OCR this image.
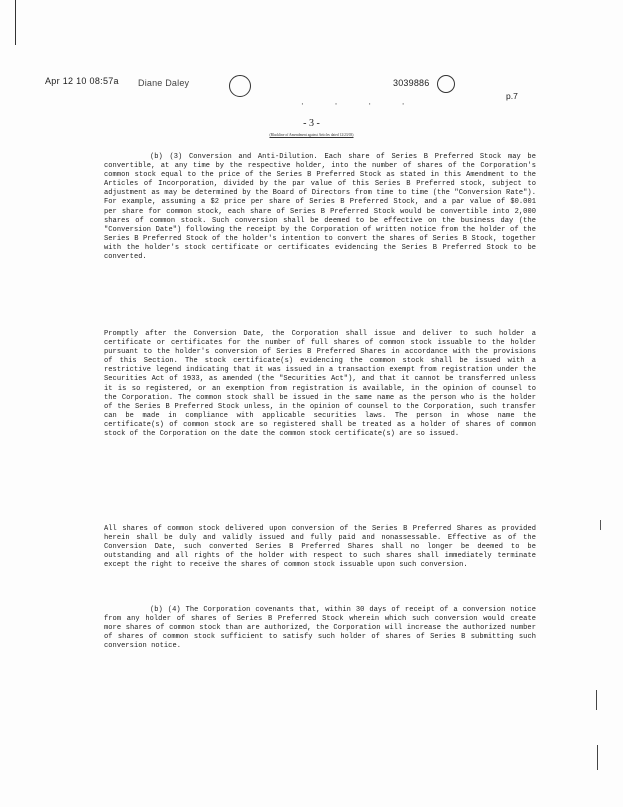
Apr 12 10 08:57a Diane Daley	3039886
p.7
· · · ·
- 3 -
(Blackline of Amendment against Articles dated 12/23/03)
(b) (3) Conversion and Anti-Dilution. Each share of Series B Preferred Stock may be convertible, at any time by the respective holder, into the number of shares of the Corporation's common stock equal to the price of the Series B Preferred Stock as stated in this Amendment to the Articles of Incorporation, divided by the par value of this Series B Preferred stock, subject to adjustment as may be determined by the Board of Directors from time to time (the "Conversion Rate"). For example, assuming a $2 price per share of Series B Preferred Stock, and a par value of $0.001 per share for common stock, each share of Series B Preferred Stock would be convertible into 2,000 shares of common stock. Such conversion shall be deemed to be effective on the business day (the "Conversion Date") following the receipt by the Corporation of written notice from the holder of the Series B Preferred Stock of the holder's intention to convert the shares of Series B Stock, together with the holder's stock certificate or certificates evidencing the Series B Preferred Stock to be converted.
Promptly after the Conversion Date, the Corporation shall issue and deliver to such holder a certificate or certificates for the number of full shares of common stock issuable to the holder pursuant to the holder's conversion of Series B Preferred Shares in accordance with the provisions of this Section. The stock certificate(s) evidencing the common stock shall be issued with a restrictive legend indicating that it was issued in a transaction exempt from registration under the Securities Act of 1933, as amended (the "Securities Act"), and that it cannot be transferred unless it is so registered, or an exemption from registration is available, in the opinion of counsel to the Corporation. The common stock shall be issued in the same name as the person who is the holder of the Series B Preferred Stock unless, in the opinion of counsel to the Corporation, such transfer can be made in compliance with applicable securities laws. The person in whose name the certificate(s) of common stock are so registered shall be treated as a holder of shares of common stock of the Corporation on the date the common stock certificate(s) are so issued.
All shares of common stock delivered upon conversion of the Series B Preferred Shares as provided herein shall be duly and validly issued and fully paid and nonassessable. Effective as of the Conversion Date, such converted Series B Preferred Shares shall no longer be deemed to be outstanding and all rights of the holder with respect to such shares shall immediately terminate except the right to receive the shares of common stock issuable upon such conversion.
(b) (4) The Corporation covenants that, within 30 days of receipt of a conversion notice from any holder of shares of Series B Preferred Stock wherein which such conversion would create more shares of common stock than are authorized, the Corporation will increase the authorized number of shares of common stock sufficient to satisfy such holder of shares of Series B submitting such conversion notice.
